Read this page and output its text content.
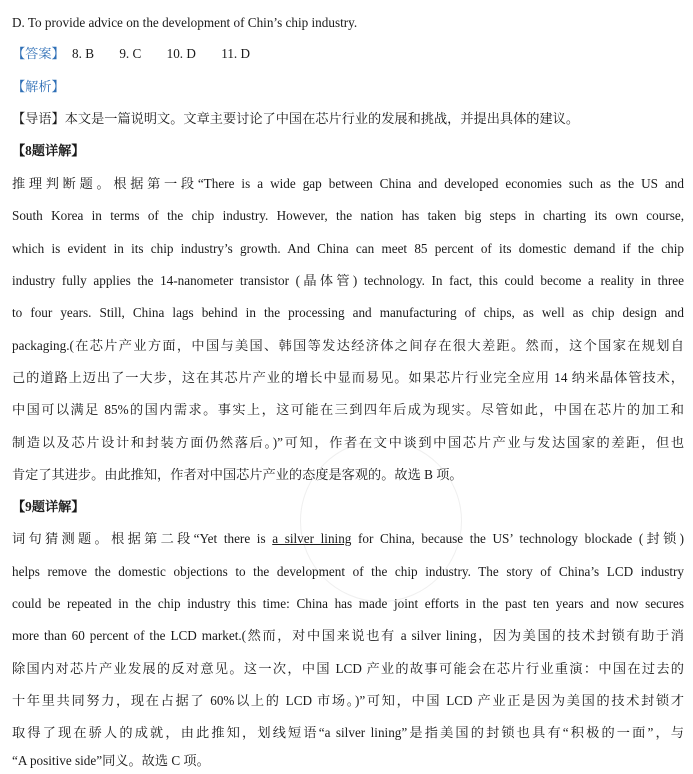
D. To provide advice on the development of Chin’s chip industry.
【答案】 8. B 9. C 10. D 11. D
【解析】
【导语】本文是一篇说明文。文章主要讨论了中国在芯片行业的发展和挑战，并提出具体的建议。
【8题详解】
推理判断题。根据第一段“There is a wide gap between China and developed economies such as the US and
South Korea in terms of the chip industry. However, the nation has taken big steps in charting its own course,
which is evident in its chip industry’s growth. And China can meet 85 percent of its domestic demand if the chip
industry fully applies the 14-nanometer transistor (晶体管) technology. In fact, this could become a reality in three
to four years. Still, China lags behind in the processing and manufacturing of chips, as well as chip design and
packaging.(在芯片产业方面，中国与美国、韩国等发达经济体之间存在很大差距。然而，这个国家在规划自
己的道路上迈出了一大步，这在其芯片产业的增长中显而易见。如果芯片行业完全应用 14 纳米晶体管技术，
中国可以满足 85%的国内需求。事实上，这可能在三到四年后成为现实。尽管如此，中国在芯片的加工和
制造以及芯片设计和封装方面仍然落后。)”可知，作者在文中谈到中国芯片产业与发达国家的差距，但也
肯定了其进步。由此推知，作者对中国芯片产业的态度是客观的。故选 B 项。
【9题详解】
词句猜测题。根据第二段“Yet there is a silver lining for China, because the US’ technology blockade (封锁)
helps remove the domestic objections to the development of the chip industry. The story of China’s LCD industry
could be repeated in the chip industry this time: China has made joint efforts in the past ten years and now secures
more than 60 percent of the LCD market.(然而，对中国来说也有 a silver lining，因为美国的技术封锁有助于消
除国内对芯片产业发展的反对意见。这一次，中国 LCD 产业的故事可能会在芯片行业重演：中国在过去的
十年里共同努力，现在占据了 60%以上的 LCD 市场。)”可知，中国 LCD 产业正是因为美国的技术封锁才
取得了现在骄人的成就，由此推知，划线短语“a silver lining”是指美国的封锁也具有“积极的一面”，与
“A positive side”同义。故选 C 项。
